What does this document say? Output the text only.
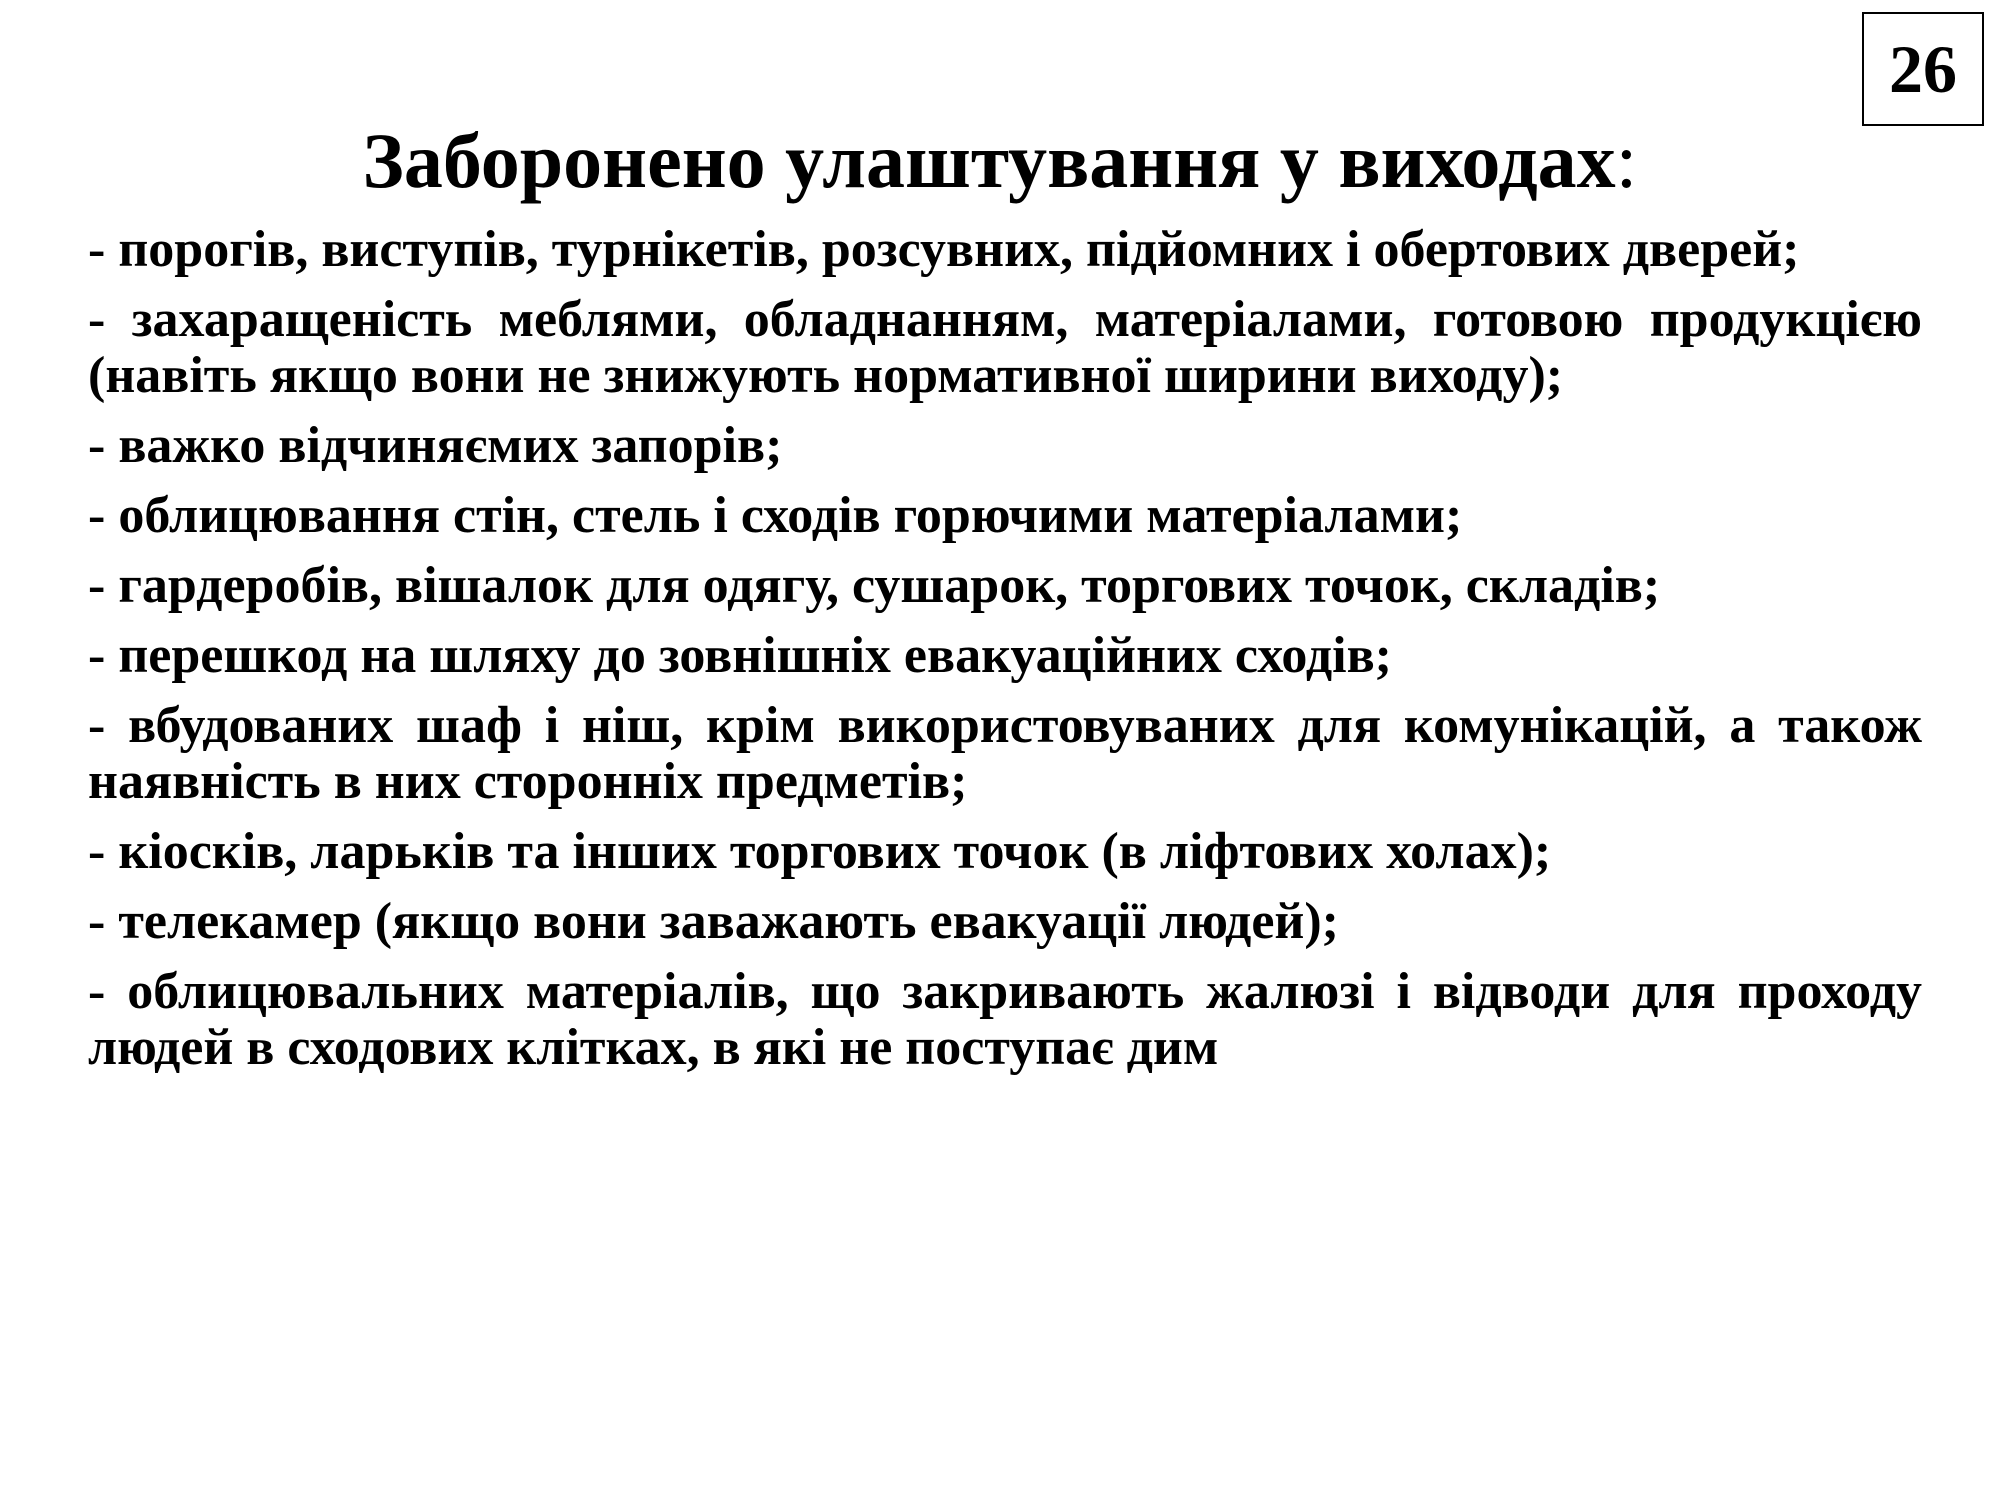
26
Заборонено улаштування у виходах:
- порогів, виступів, турнікетів, розсувних, підйомних і обертових дверей;
- захаращеність меблями, обладнанням, матеріалами, готовою продукцією (навіть якщо вони не знижують нормативної ширини виходу);
- важко відчиняємих запорів;
- облицювання стін, стель і сходів горючими матеріалами;
- гардеробів, вішалок для одягу, сушарок, торгових точок, складів;
- перешкод на шляху до зовнішніх евакуаційних сходів;
- вбудованих шаф і ніш, крім використовуваних для комунікацій, а також наявність в них сторонніх предметів;
- кіосків, ларьків та інших торгових точок (в ліфтових холах);
- телекамер (якщо вони заважають евакуації людей);
- облицювальних матеріалів, що закривають жалюзі і відводи для проходу людей в сходових клітках, в які не поступає дим
